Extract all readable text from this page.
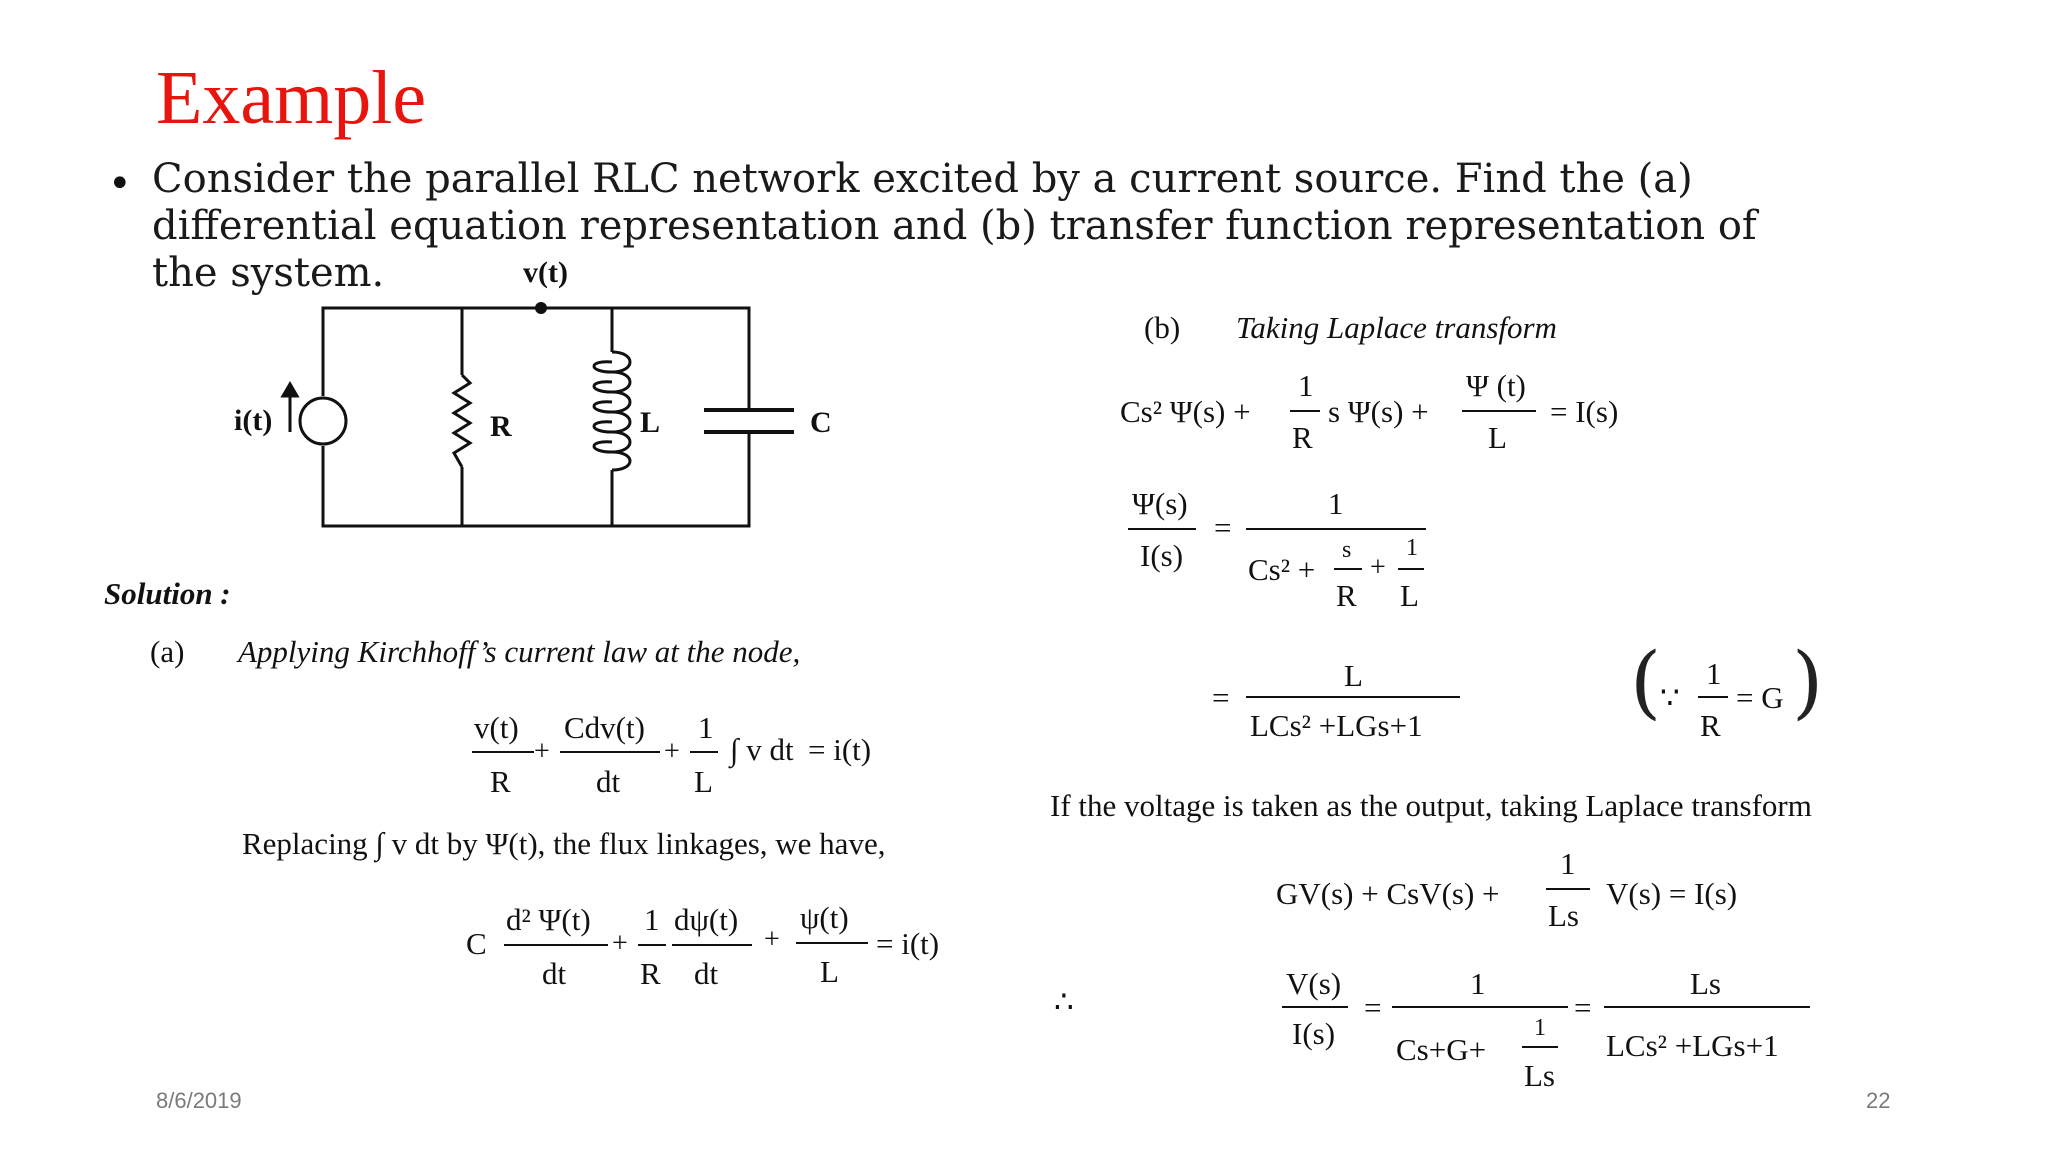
Example
• Consider the parallel RLC network excited by a current source. Find the (a) differential equation representation and (b) transfer function representation of the system.	v(t)
i(t)	R	L	C
Solution :
(a) Applying Kirchhoff’s current law at the node,
v(t)
R
+
Cdv(t)
dt
+
1
L
∫ v dt = i(t)
Replacing ∫ v dt by Ψ(t), the flux linkages, we have,
C
d² Ψ(t)
dt
+
1
R
dψ(t)
dt
+
ψ(t)
L
= i(t)
(b) Taking Laplace transform
Cs² Ψ(s) +
1
R
s Ψ(s) +
Ψ (t)
L
= I(s)
Ψ(s)
I(s)
=
1
Cs² +
s
R
+
1
L
=
L
LCs² +LGs+1	(
∵
1
R
= G )
If the voltage is taken as the output, taking Laplace transform
GV(s) + CsV(s) +
1
Ls
V(s) = I(s)
∴
V(s)
I(s)
=
1
Cs+G+
1
Ls
=
Ls
LCs² +LGs+1
8/6/2019	22
